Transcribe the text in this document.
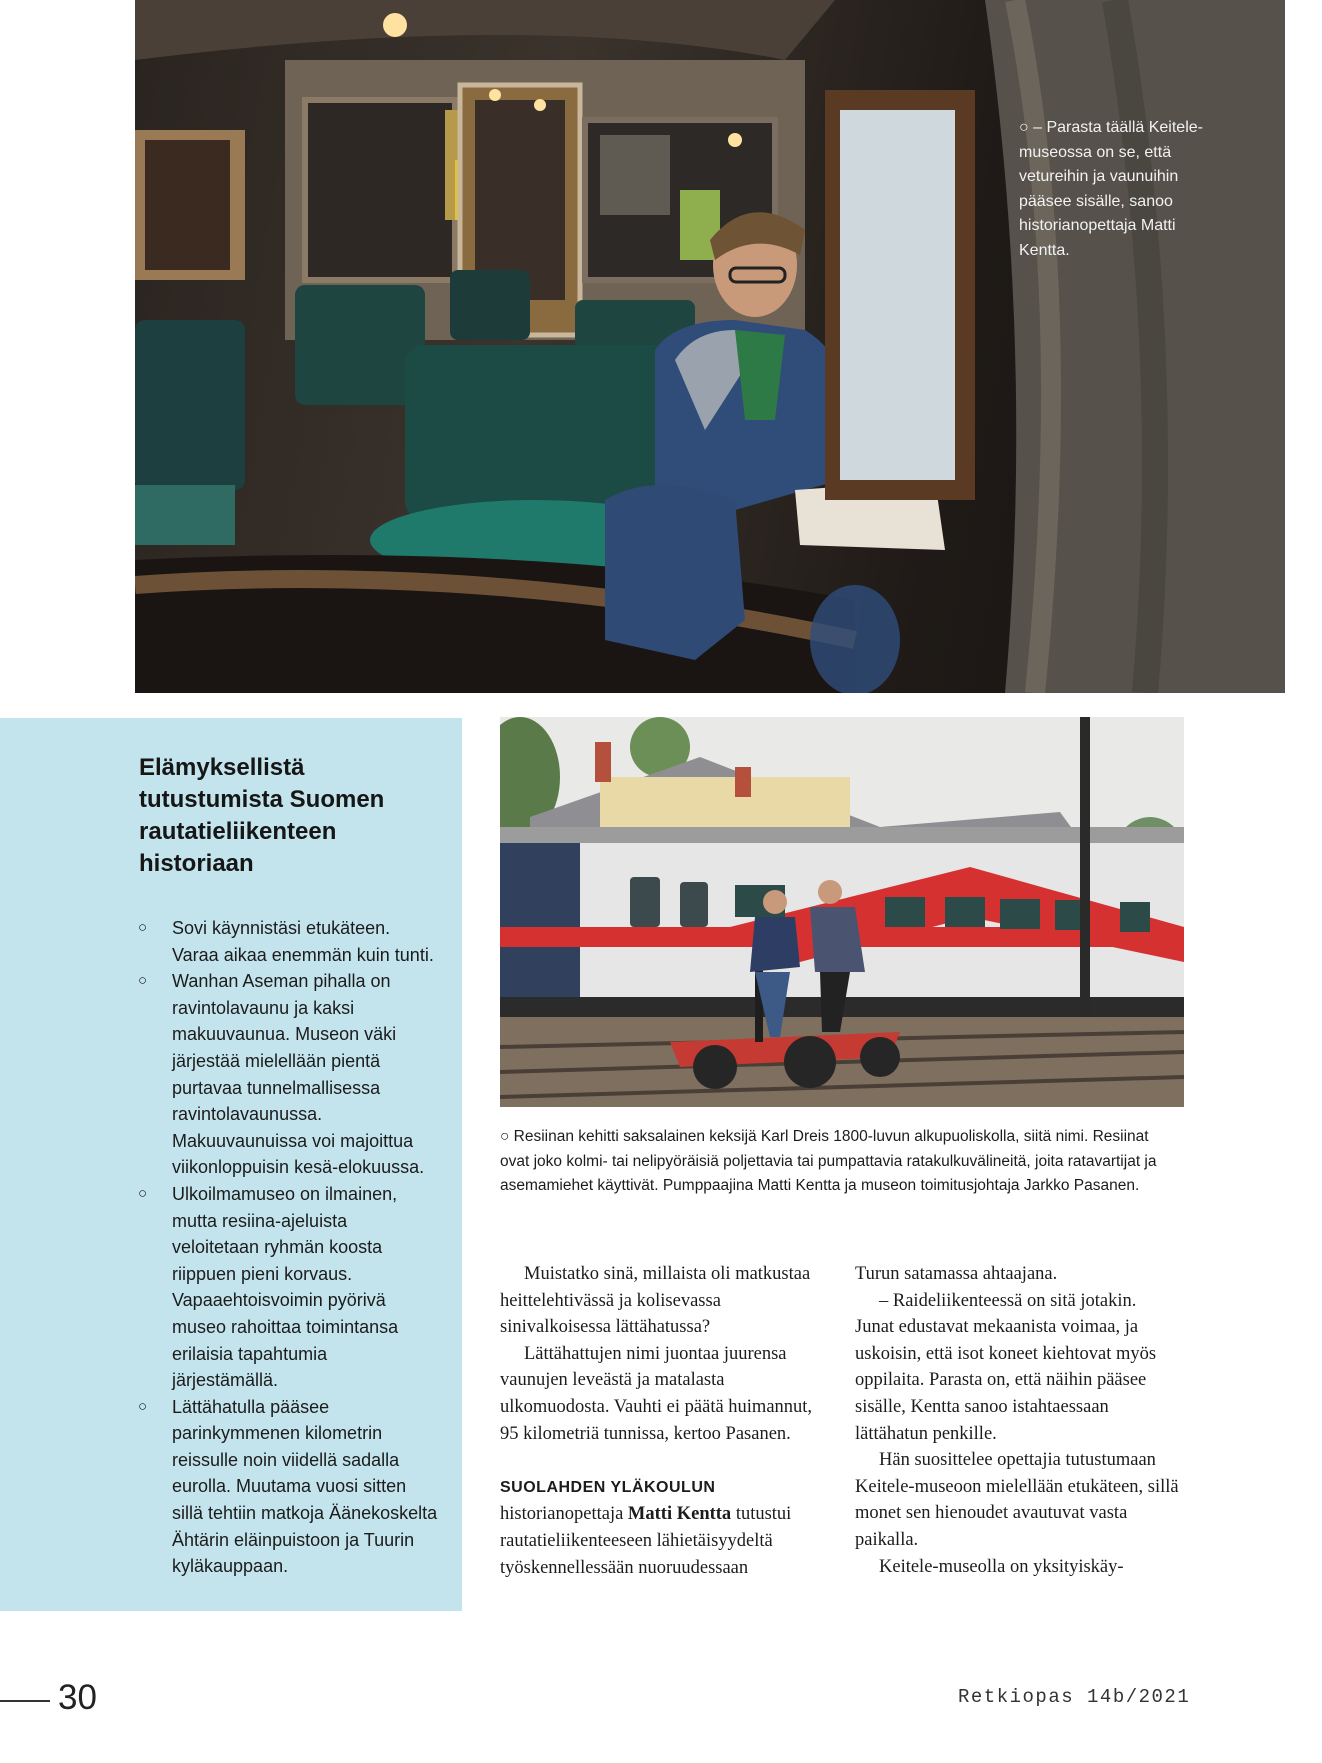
○ – Parasta täällä Keitele-museossa on se, että vetureihin ja vaunuihin pääsee sisälle, sanoo historianopettaja Matti Kentta.
Elämyksellistä tutustumista Suomen rautatieliikenteen historiaan
○ Sovi käynnistäsi etukäteen. Varaa aikaa enemmän kuin tunti.
○ Wanhan Aseman pihalla on ravintolavaunu ja kaksi makuuvaunua. Museon väki järjestää mielellään pientä purtavaa tunnelmallisessa ravintolavaunussa. Makuuvaunuissa voi majoittua viikonloppuisin kesä-elokuussa.
○ Ulkoilmamuseo on ilmainen, mutta resiina-ajeluista veloitetaan ryhmän koosta riippuen pieni korvaus. Vapaaehtoisvoimin pyörivä museo rahoittaa toimintansa erilaisia tapahtumia järjestämällä.
○ Lättähatulla pääsee parinkymmenen kilometrin reissulle noin viidellä sadalla eurolla. Muutama vuosi sitten sillä tehtiin matkoja Äänekoskelta Ähtärin eläinpuistoon ja Tuurin kyläkauppaan.
○ Resiinan kehitti saksalainen keksijä Karl Dreis 1800-luvun alkupuoliskolla, siitä nimi. Resiinat ovat joko kolmi- tai nelipyöräisiä poljettavia tai pumpattavia ratakulkuvälineitä, joita ratavartijat ja asemamiehet käyttivät. Pumppaajina Matti Kentta ja museon toimitusjohtaja Jarkko Pasanen.

Muistatko sinä, millaista oli matkustaa heittelehtivässä ja kolisevassa sinivalkoisessa lättähatussa?

Lättähattujen nimi juontaa juurensa vaunujen leveästä ja matalasta ulkomuodosta. Vauhti ei päätä huimannut, 95 kilometriä tunnissa, kertoo Pasanen.

SUOLAHDEN YLÄKOULUN historianopettaja Matti Kentta tutustui rautatieliikenteeseen lähietäisyydeltä työskennellessään nuoruudessaan

Turun satamassa ahtaajana.

– Raideliikenteessä on sitä jotakin. Junat edustavat mekaanista voimaa, ja uskoisin, että isot koneet kiehtovat myös oppilaita. Parasta on, että näihin pääsee sisälle, Kentta sanoo istahtaessaan lättähatun penkille.

Hän suosittelee opettajia tutustumaan Keitele-museoon mielellään etukäteen, sillä monet sen hienoudet avautuvat vasta paikalla.

Keitele-museolla on yksityiskäy-

30	Retkiopas 14b/2021
